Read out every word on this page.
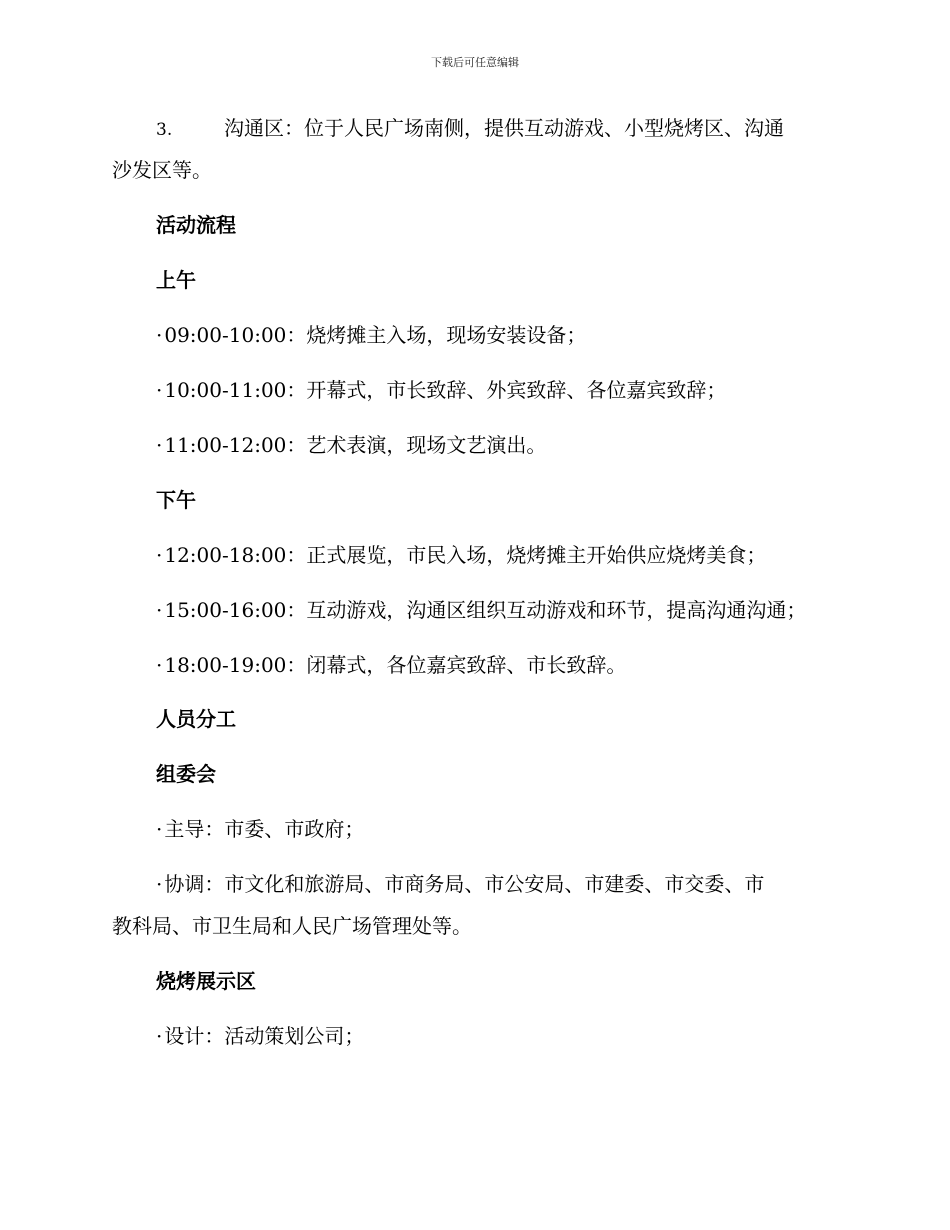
下载后可任意编辑
3.	沟通区：位于人民广场南侧，提供互动游戏、小型烧烤区、沟通
沙发区等。
活动流程
上午
· 09:00-10:00：烧烤摊主入场，现场安装设备；
· 10:00-11:00：开幕式，市长致辞、外宾致辞、各位嘉宾致辞；
· 11:00-12:00：艺术表演，现场文艺演出。
下午
· 12:00-18:00：正式展览，市民入场，烧烤摊主开始供应烧烤美食；
· 15:00-16:00：互动游戏，沟通区组织互动游戏和环节，提高沟通沟通；
· 18:00-19:00：闭幕式，各位嘉宾致辞、市长致辞。
人员分工
组委会
· 主导：市委、市政府；
· 协调：市文化和旅游局、市商务局、市公安局、市建委、市交委、市
教科局、市卫生局和人民广场管理处等。
烧烤展示区
· 设计：活动策划公司；
